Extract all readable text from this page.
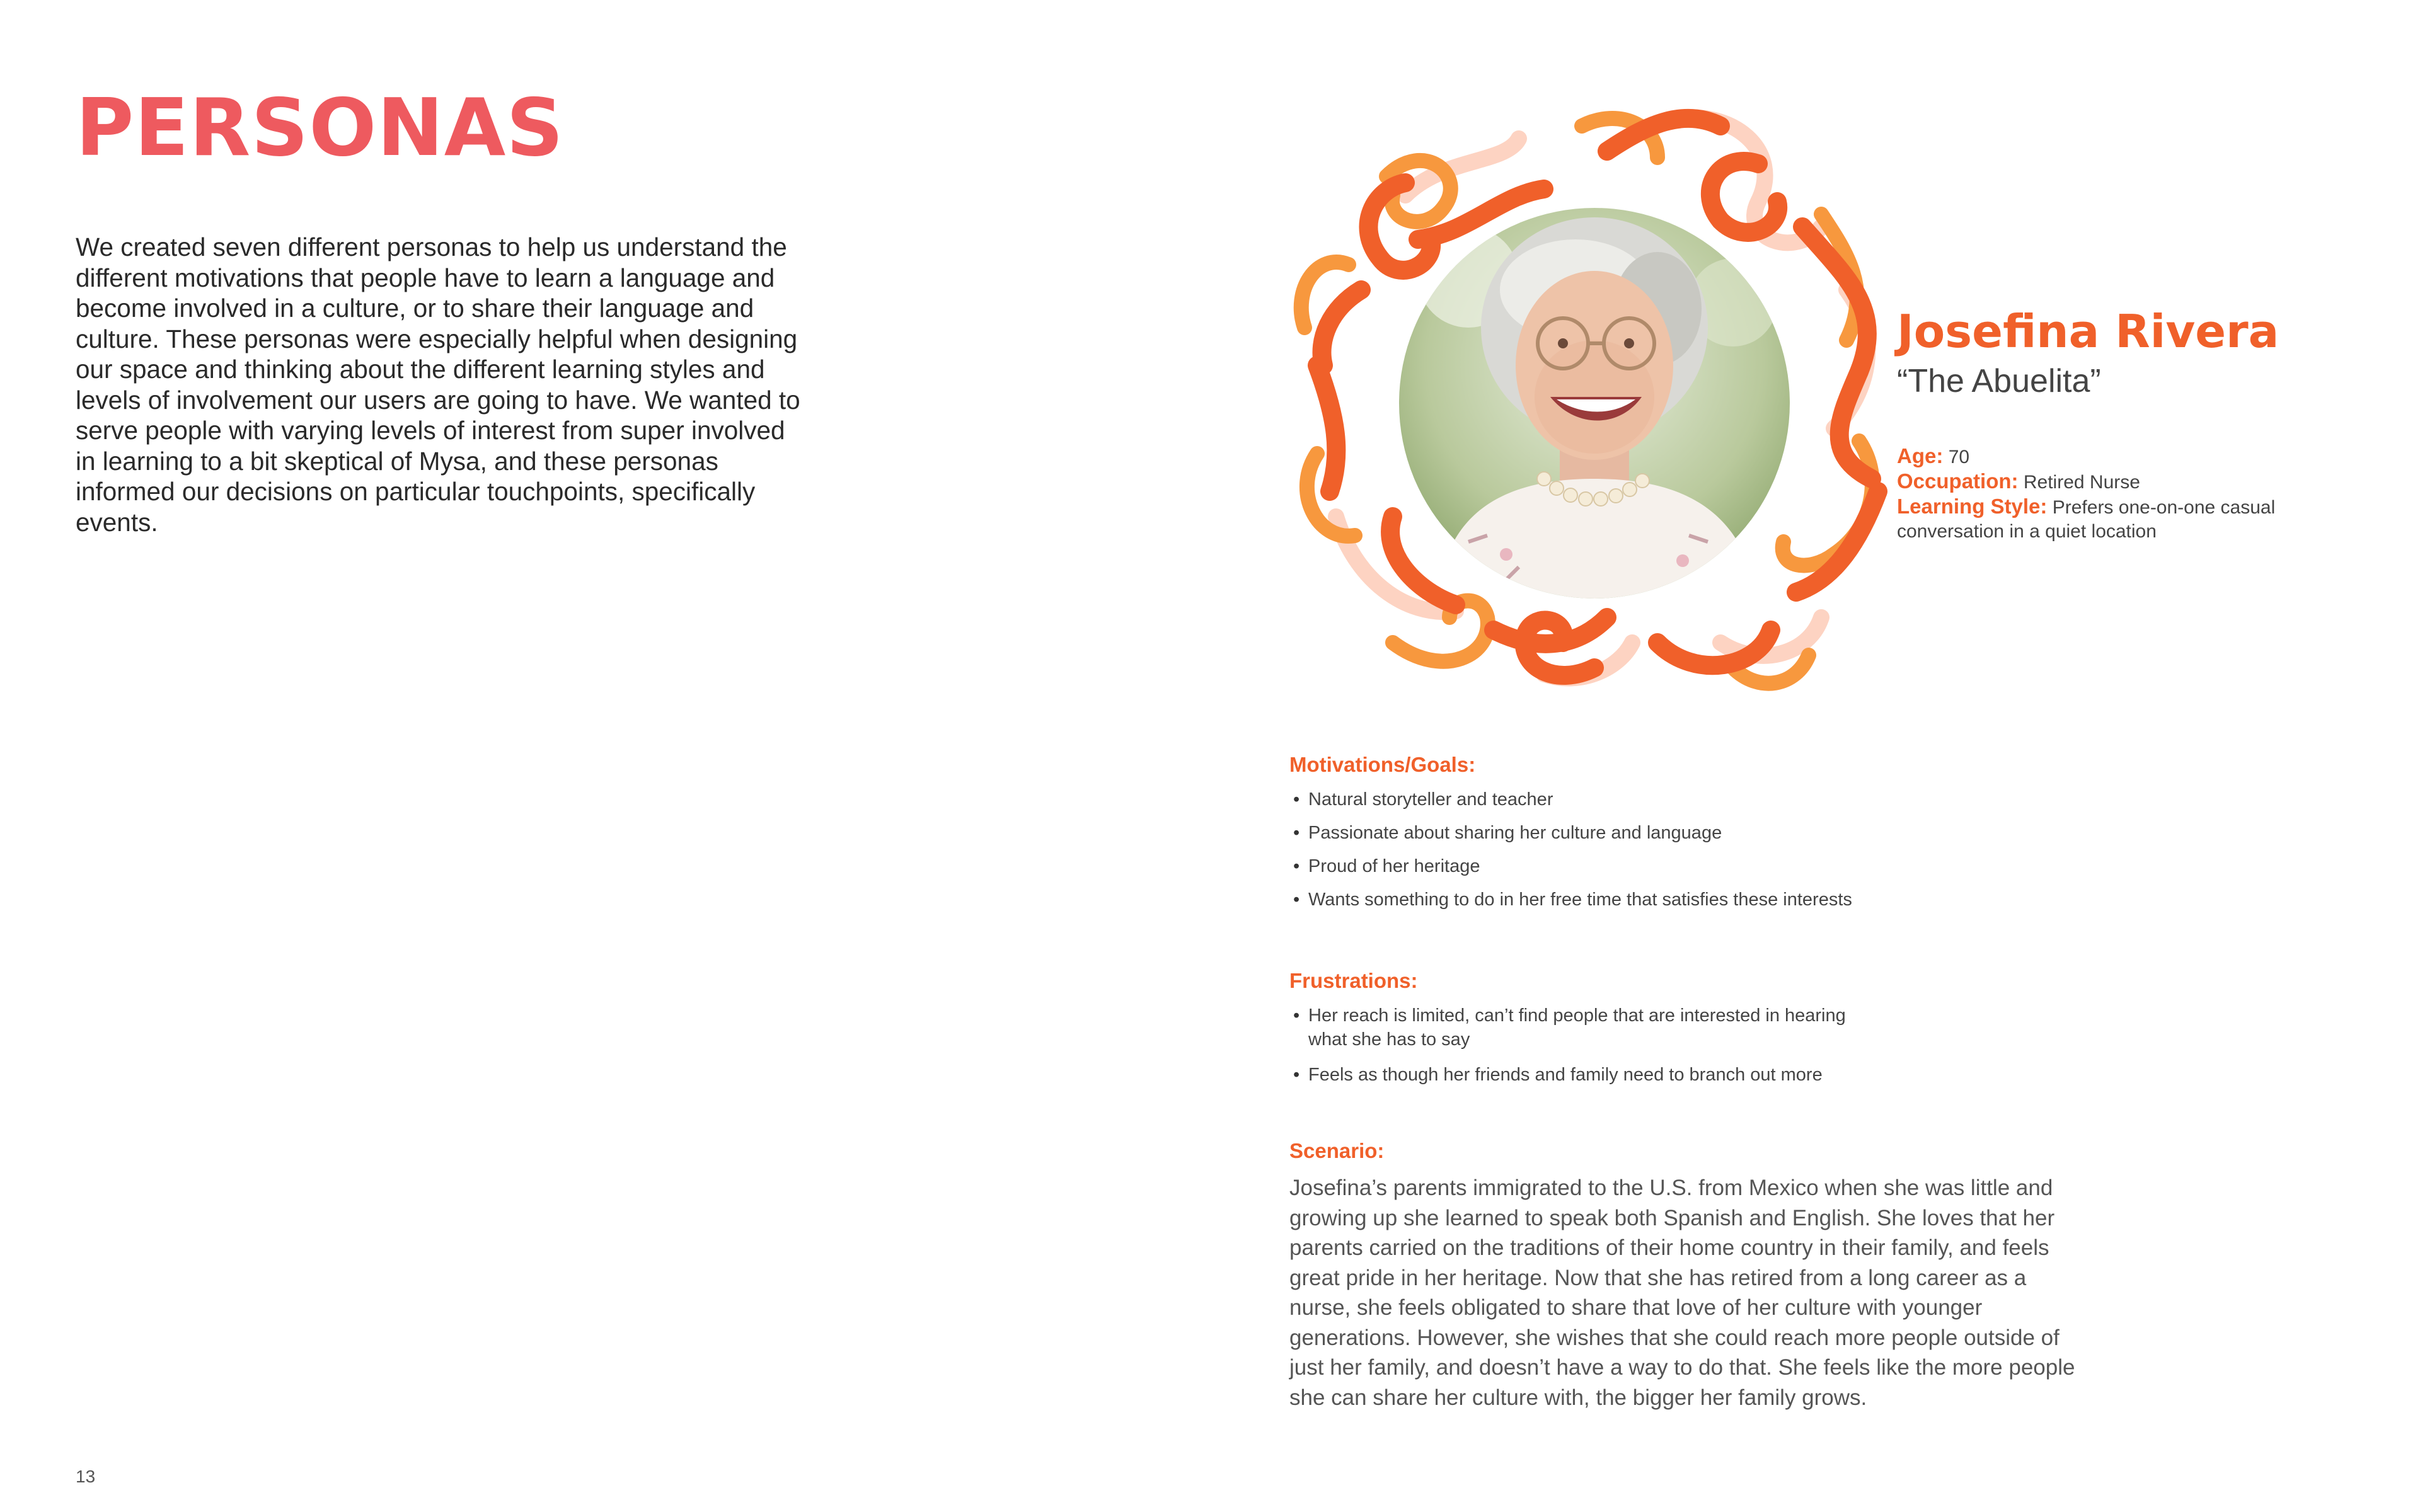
PERSONAS

We created seven different personas to help us understand the different motivations that people have to learn a language and become involved in a culture, or to share their language and culture. These personas were especially helpful when designing our space and thinking about the different learning styles and levels of involvement our users are going to have. We wanted to serve people with varying levels of interest from super involved in learning to a bit skeptical of Mysa, and these personas informed our decisions on particular touchpoints, specifically events.

Josefina Rivera
“The Abuelita”

Age: 70

Occupation: Retired Nurse

Learning Style: Prefers one-on-one casual conversation in a quiet location

Motivations/Goals:
• Natural storyteller and teacher
• Passionate about sharing her culture and language
• Proud of her heritage
• Wants something to do in her free time that satisfies these interests
Frustrations:
• Her reach is limited, can’t find people that are interested in hearing what she has to say
• Feels as though her friends and family need to branch out more
Scenario:

Josefina’s parents immigrated to the U.S. from Mexico when she was little and growing up she learned to speak both Spanish and English. She loves that her parents carried on the traditions of their home country in their family, and feels great pride in her heritage. Now that she has retired from a long career as a nurse, she feels obligated to share that love of her culture with younger generations. However, she wishes that she could reach more people outside of just her family, and doesn’t have a way to do that. She feels like the more people she can share her culture with, the bigger her family grows.

13
